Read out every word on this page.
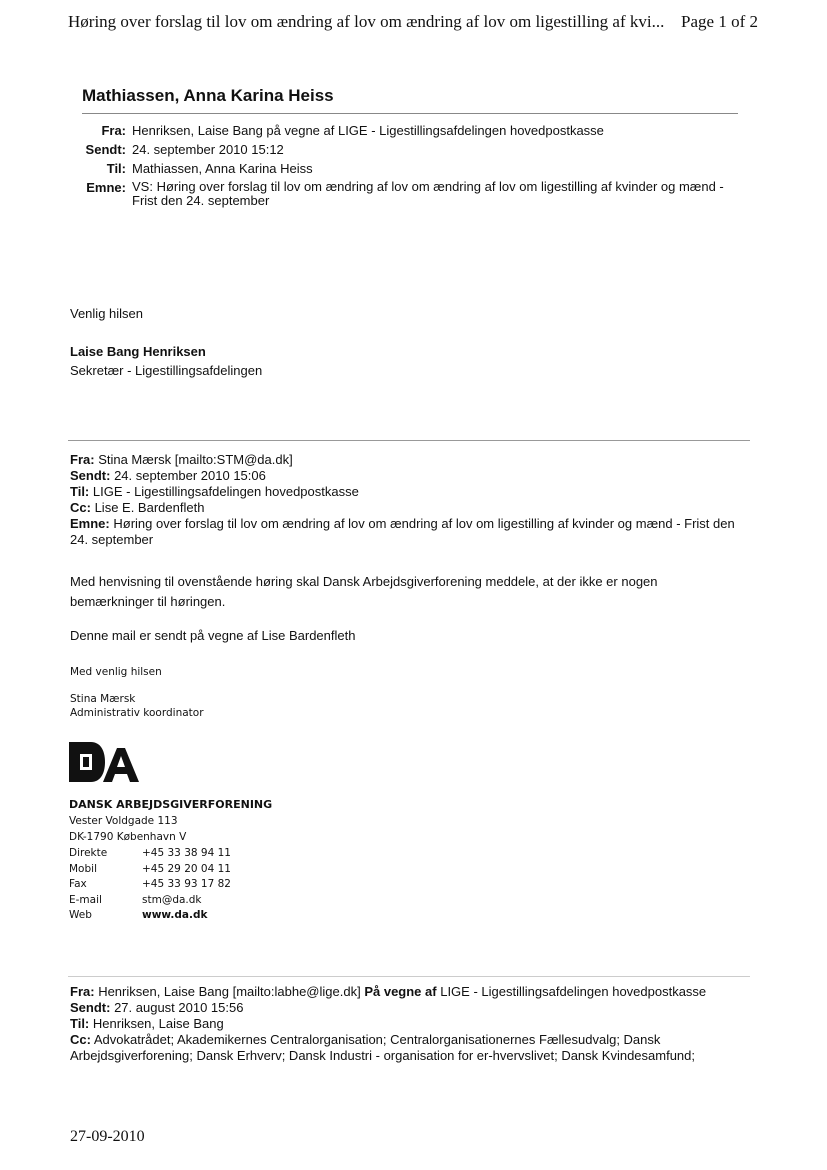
Høring over forslag til lov om ændring af lov om ændring af lov om ligestilling af kvi... Page 1 of 2
Mathiassen, Anna Karina Heiss
Fra: Henriksen, Laise Bang på vegne af LIGE - Ligestillingsafdelingen hovedpostkasse
Sendt: 24. september 2010 15:12
Til: Mathiassen, Anna Karina Heiss
Emne: VS: Høring over forslag til lov om ændring af lov om ændring af lov om ligestilling af kvinder og mænd - Frist den 24. september
Venlig hilsen
Laise Bang Henriksen
Sekretær - Ligestillingsafdelingen
Fra: Stina Mærsk [mailto:STM@da.dk]
Sendt: 24. september 2010 15:06
Til: LIGE - Ligestillingsafdelingen hovedpostkasse
Cc: Lise E. Bardenfleth
Emne: Høring over forslag til lov om ændring af lov om ændring af lov om ligestilling af kvinder og mænd - Frist den 24. september
Med henvisning til ovenstående høring skal Dansk Arbejdsgiverforening meddele, at der ikke er nogen bemærkninger til høringen.
Denne mail er sendt på vegne af Lise Bardenfleth
Med venlig hilsen
Stina Mærsk
Administrativ koordinator
DANSK ARBEJDSGIVERFORENING
Vester Voldgade 113
DK-1790 København V
Direkte	+45 33 38 94 11
Mobil	+45 29 20 04 11
Fax	+45 33 93 17 82
E-mail	stm@da.dk
Web	www.da.dk
Fra: Henriksen, Laise Bang [mailto:labhe@lige.dk] På vegne af LIGE - Ligestillingsafdelingen hovedpostkasse
Sendt: 27. august 2010 15:56
Til: Henriksen, Laise Bang
Cc: Advokatrådet; Akademikernes Centralorganisation; Centralorganisationernes Fællesudvalg; Dansk Arbejdsgiverforening; Dansk Erhverv; Dansk Industri - organisation for er-hvervslivet; Dansk Kvindesamfund;
27-09-2010
